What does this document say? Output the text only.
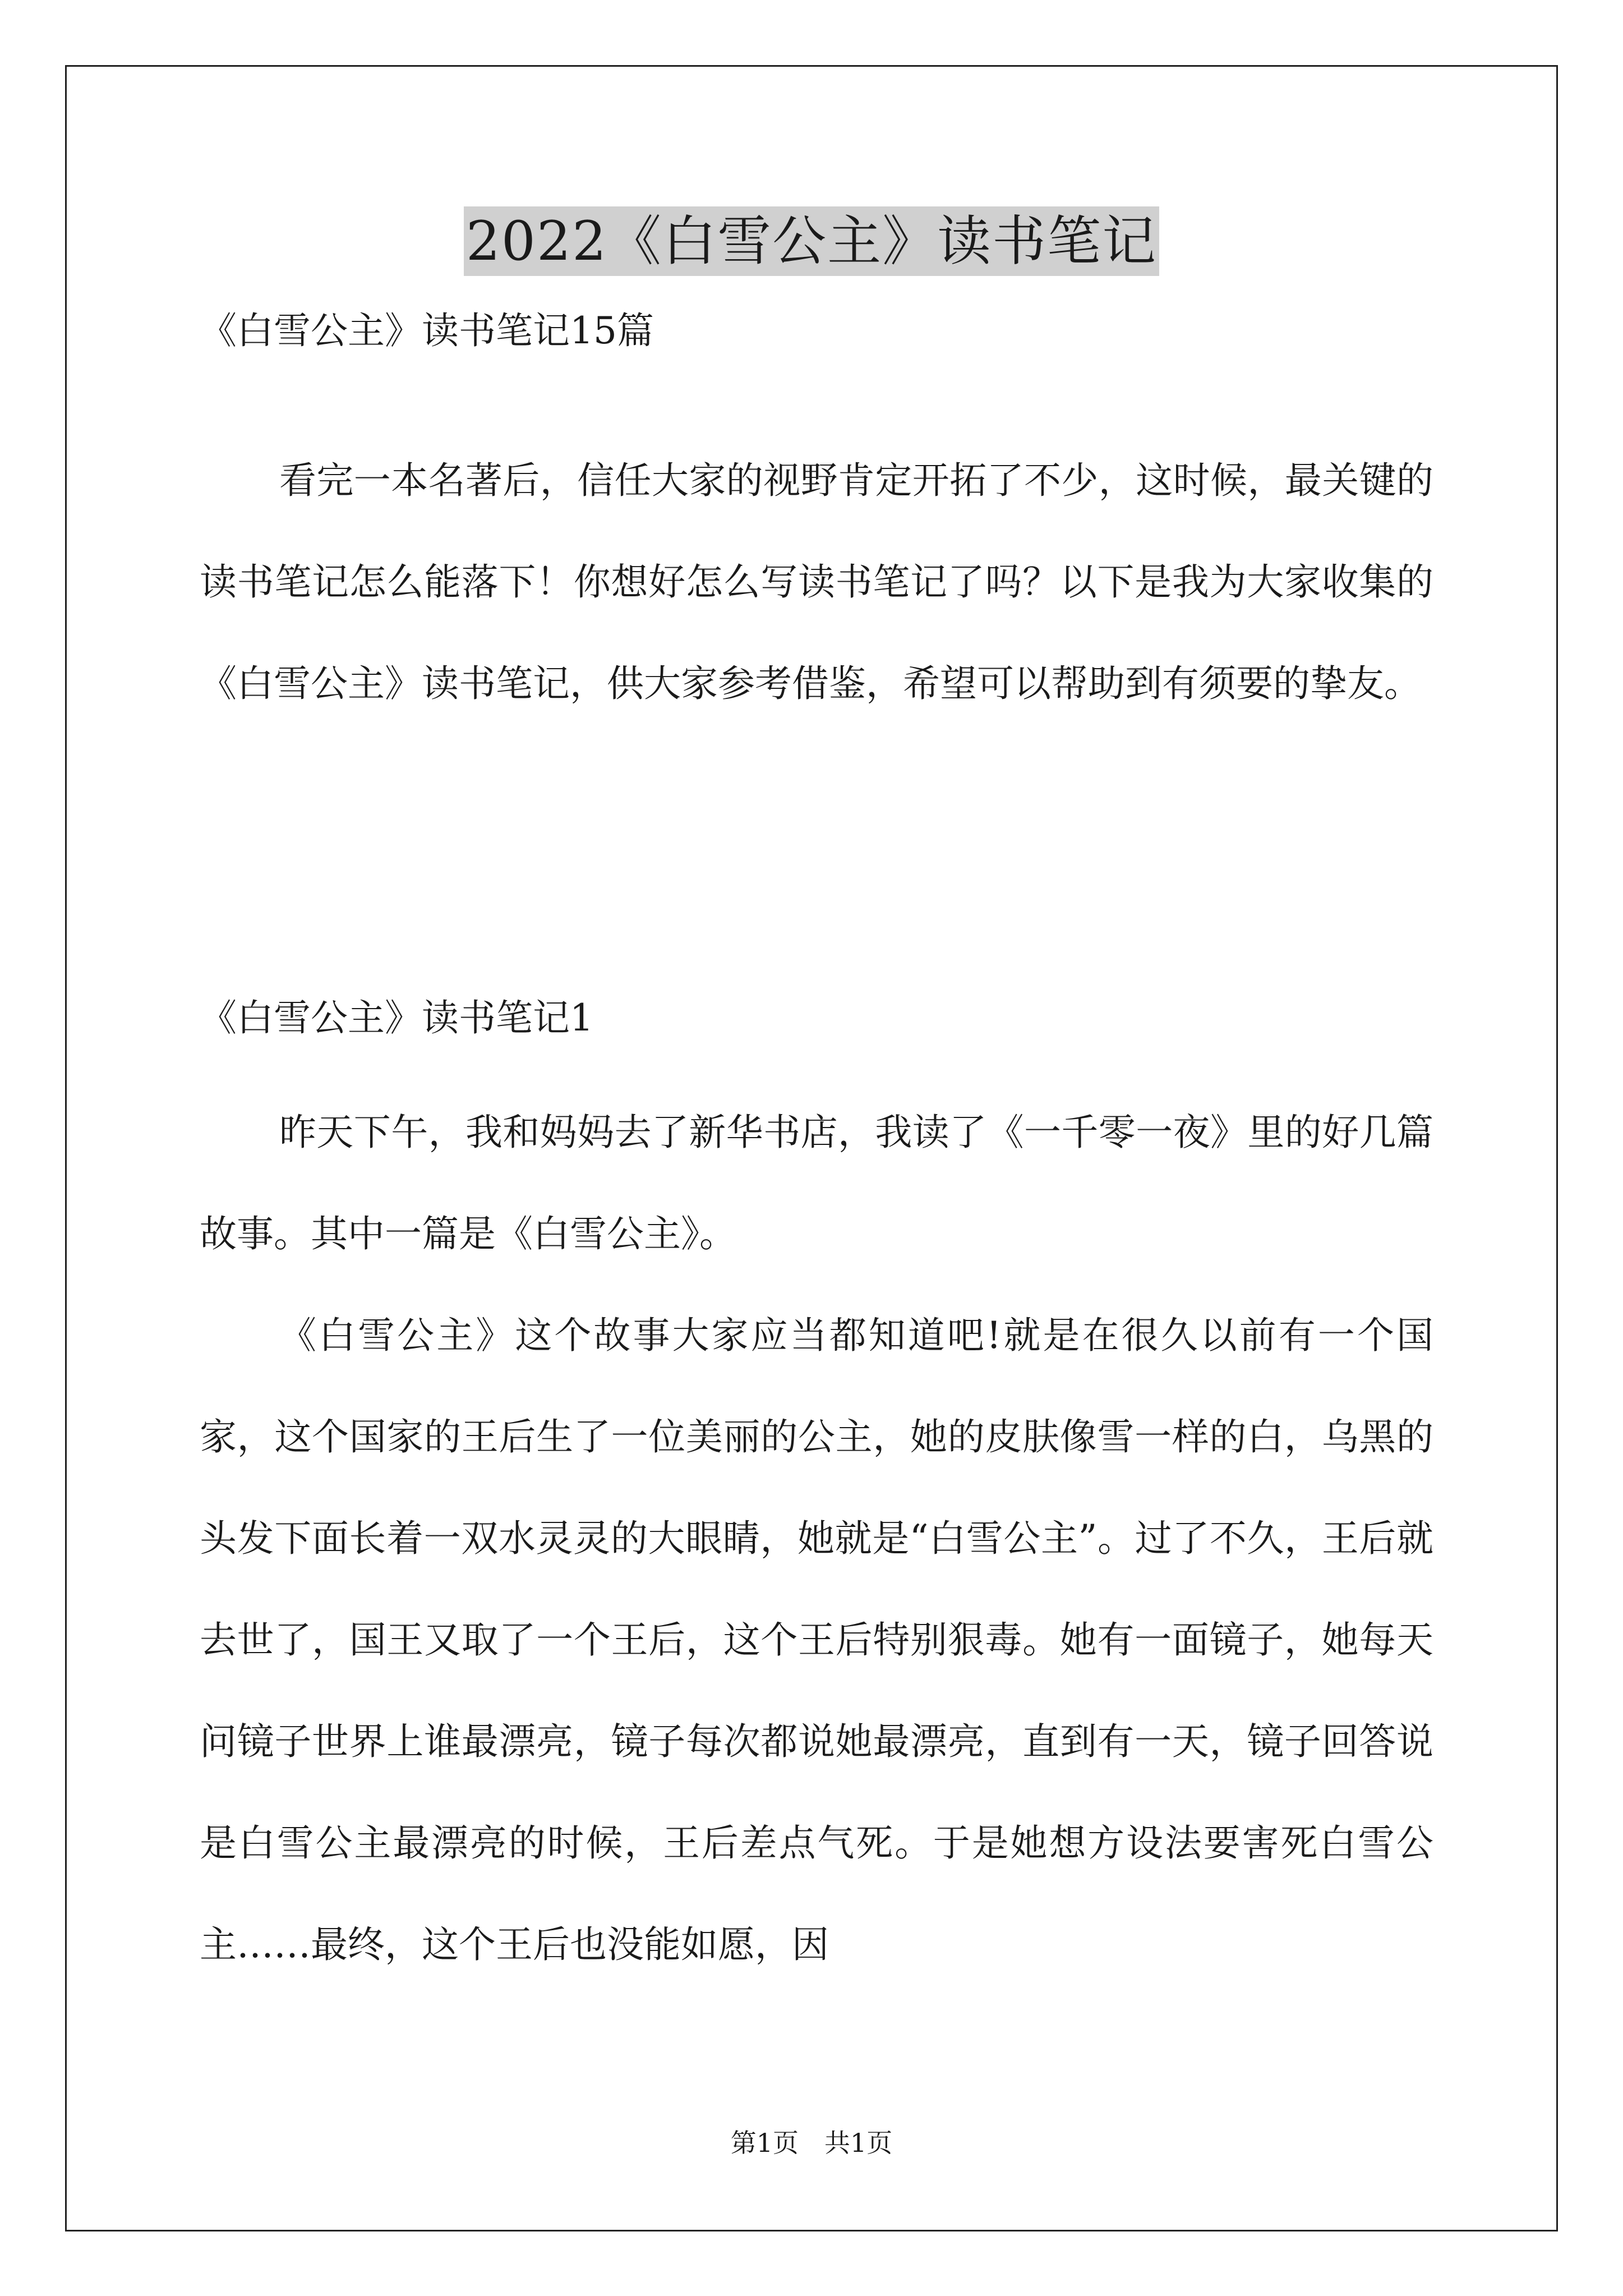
2022《白雪公主》读书笔记
《白雪公主》读书笔记15篇
看完一本名著后，信任大家的视野肯定开拓了不少，这时候，最关键的读书笔记怎么能落下！你想好怎么写读书笔记了吗？以下是我为大家收集的《白雪公主》读书笔记，供大家参考借鉴，希望可以帮助到有须要的挚友。
《白雪公主》读书笔记1
昨天下午，我和妈妈去了新华书店，我读了《一千零一夜》里的好几篇故事。其中一篇是《白雪公主》。
《白雪公主》这个故事大家应当都知道吧!就是在很久以前有一个国家，这个国家的王后生了一位美丽的公主，她的皮肤像雪一样的白，乌黑的头发下面长着一双水灵灵的大眼睛，她就是“白雪公主”。过了不久，王后就去世了，国王又取了一个王后，这个王后特别狠毒。她有一面镜子，她每天问镜子世界上谁最漂亮，镜子每次都说她最漂亮，直到有一天，镜子回答说是白雪公主最漂亮的时候，王后差点气死。于是她想方设法要害死白雪公主……最终，这个王后也没能如愿，因
第1页　共1页
